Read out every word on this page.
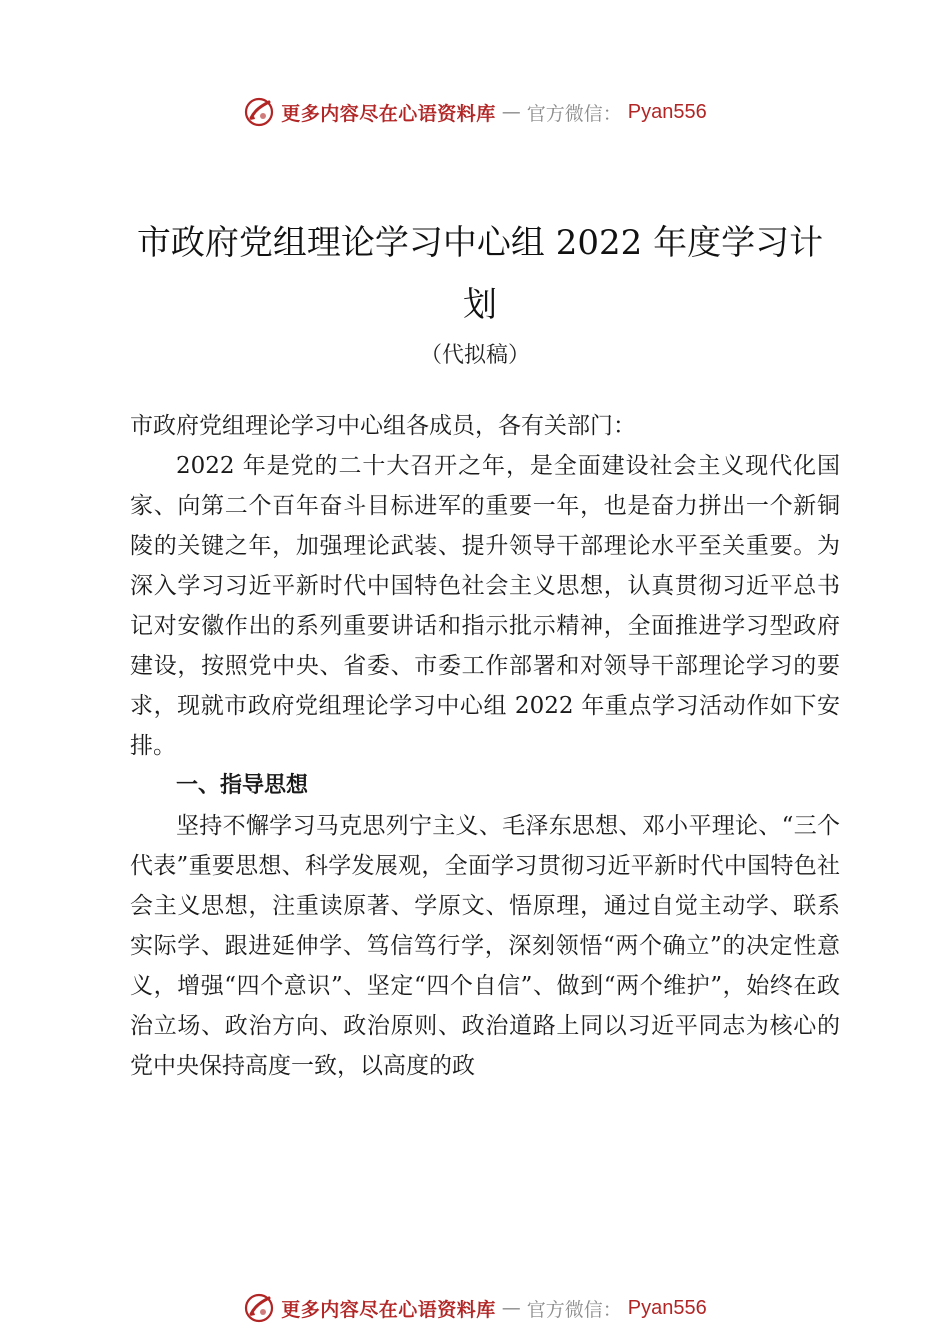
更多内容尽在心语资料库 — 官方微信： Pyan556
市政府党组理论学习中心组 2022 年度学习计划
（代拟稿）

市政府党组理论学习中心组各成员，各有关部门：

2022 年是党的二十大召开之年，是全面建设社会主义现代化国家、向第二个百年奋斗目标进军的重要一年，也是奋力拼出一个新铜陵的关键之年，加强理论武装、提升领导干部理论水平至关重要。为深入学习习近平新时代中国特色社会主义思想，认真贯彻习近平总书记对安徽作出的系列重要讲话和指示批示精神，全面推进学习型政府建设，按照党中央、省委、市委工作部署和对领导干部理论学习的要求，现就市政府党组理论学习中心组 2022 年重点学习活动作如下安排。

一、指导思想

坚持不懈学习马克思列宁主义、毛泽东思想、邓小平理论、“三个代表”重要思想、科学发展观，全面学习贯彻习近平新时代中国特色社会主义思想，注重读原著、学原文、悟原理，通过自觉主动学、联系实际学、跟进延伸学、笃信笃行学，深刻领悟“两个确立”的决定性意义，增强“四个意识”、坚定“四个自信”、做到“两个维护”，始终在政治立场、政治方向、政治原则、政治道路上同以习近平同志为核心的党中央保持高度一致，以高度的政

更多内容尽在心语资料库 — 官方微信： Pyan556
